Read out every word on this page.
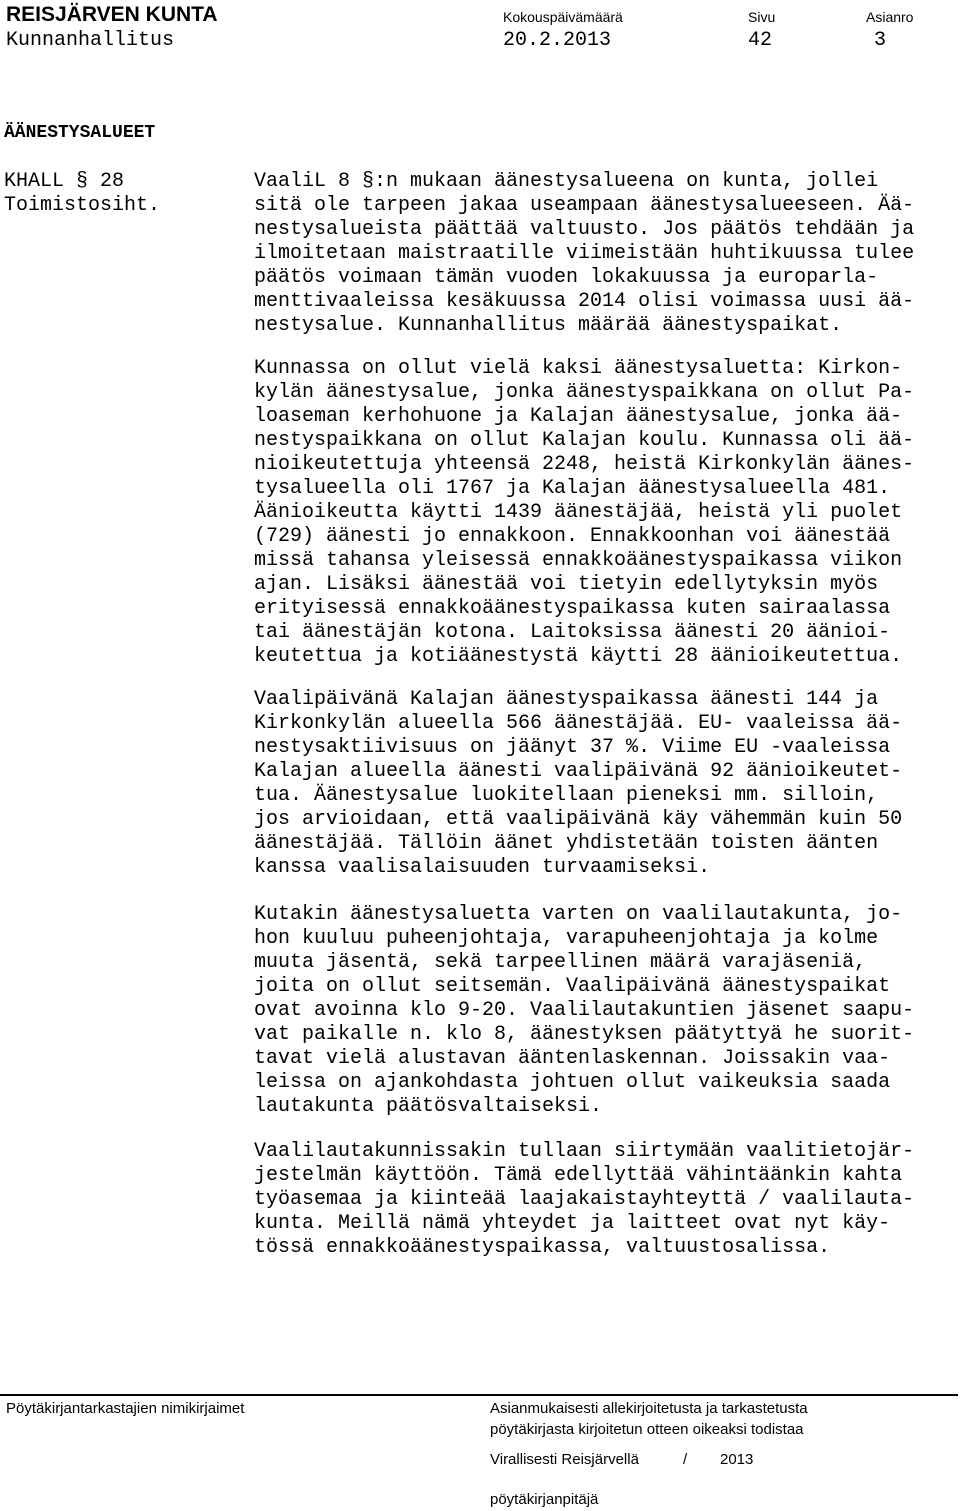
REISJÄRVEN KUNTA
Kunnanhallitus
Kokouspäivämäärä
20.2.2013
Sivu
42
Asianro
3
ÄÄNESTYSALUEET
KHALL § 28
Toimistosiht.

VaaliL 8 §:n mukaan äänestysalueena on kunta, jollei
sitä ole tarpeen jakaa useampaan äänestysalueeseen. Ää-
nestysalueista päättää valtuusto. Jos päätös tehdään ja
ilmoitetaan maistraatille viimeistään huhtikuussa tulee
päätös voimaan tämän vuoden lokakuussa ja europarla-
menttivaaleissa kesäkuussa 2014 olisi voimassa uusi ää-
nestysalue. Kunnanhallitus määrää äänestyspaikat.

Kunnassa on ollut vielä kaksi äänestysaluetta: Kirkon-
kylän äänestysalue, jonka äänestyspaikkana on ollut Pa-
loaseman kerhohuone ja Kalajan äänestysalue, jonka ää-
nestyspaikkana on ollut Kalajan koulu. Kunnassa oli ää-
nioikeutettuja yhteensä 2248, heistä Kirkonkylän äänes-
tysalueella oli 1767 ja Kalajan äänestysalueella 481.
Äänioikeutta käytti 1439 äänestäjää, heistä yli puolet
(729) äänesti jo ennakkoon. Ennakkoonhan voi äänestää
missä tahansa yleisessä ennakkoäänestyspaikassa viikon
ajan. Lisäksi äänestää voi tietyin edellytyksin myös
erityisessä ennakkoäänestyspaikassa kuten sairaalassa
tai äänestäjän kotona. Laitoksissa äänesti 20 äänioi-
keutettua ja kotiäänestystä käytti 28 äänioikeutettua.

Vaalipäivänä Kalajan äänestyspaikassa äänesti 144 ja
Kirkonkylän alueella 566 äänestäjää. EU- vaaleissa ää-
nestysaktiivisuus on jäänyt 37 %. Viime EU -vaaleissa
Kalajan alueella äänesti vaalipäivänä 92 äänioikeutet-
tua. Äänestysalue luokitellaan pieneksi mm. silloin,
jos arvioidaan, että vaalipäivänä käy vähemmän kuin 50
äänestäjää. Tällöin äänet yhdistetään toisten äänten
kanssa vaalisalaisuuden turvaamiseksi.

Kutakin äänestysaluetta varten on vaalilautakunta, jo-
hon kuuluu puheenjohtaja, varapuheenjohtaja ja kolme
muuta jäsentä, sekä tarpeellinen määrä varajäseniä,
joita on ollut seitsemän. Vaalipäivänä äänestyspaikat
ovat avoinna klo 9-20. Vaalilautakuntien jäsenet saapu-
vat paikalle n. klo 8, äänestyksen päätyttyä he suorit-
tavat vielä alustavan ääntenlaskennan. Joissakin vaa-
leissa on ajankohdasta johtuen ollut vaikeuksia saada
lautakunta päätösvaltaiseksi.

Vaalilautakunnissakin tullaan siirtymään vaalitietojär-
jestelmän käyttöön. Tämä edellyttää vähintäänkin kahta
työasemaa ja kiinteää laajakaistayhteyttä / vaalilauta-
kunta. Meillä nämä yhteydet ja laitteet ovat nyt käy-
tössä ennakkoäänestyspaikassa, valtuustosalissa.

Pöytäkirjantarkastajien nimikirjaimet	Asianmukaisesti allekirjoitetusta ja tarkastetusta
pöytäkirjasta kirjoitetun otteen oikeaksi todistaa
Virallisesti Reisjärvellä	/ 2013
pöytäkirjanpitäjä
